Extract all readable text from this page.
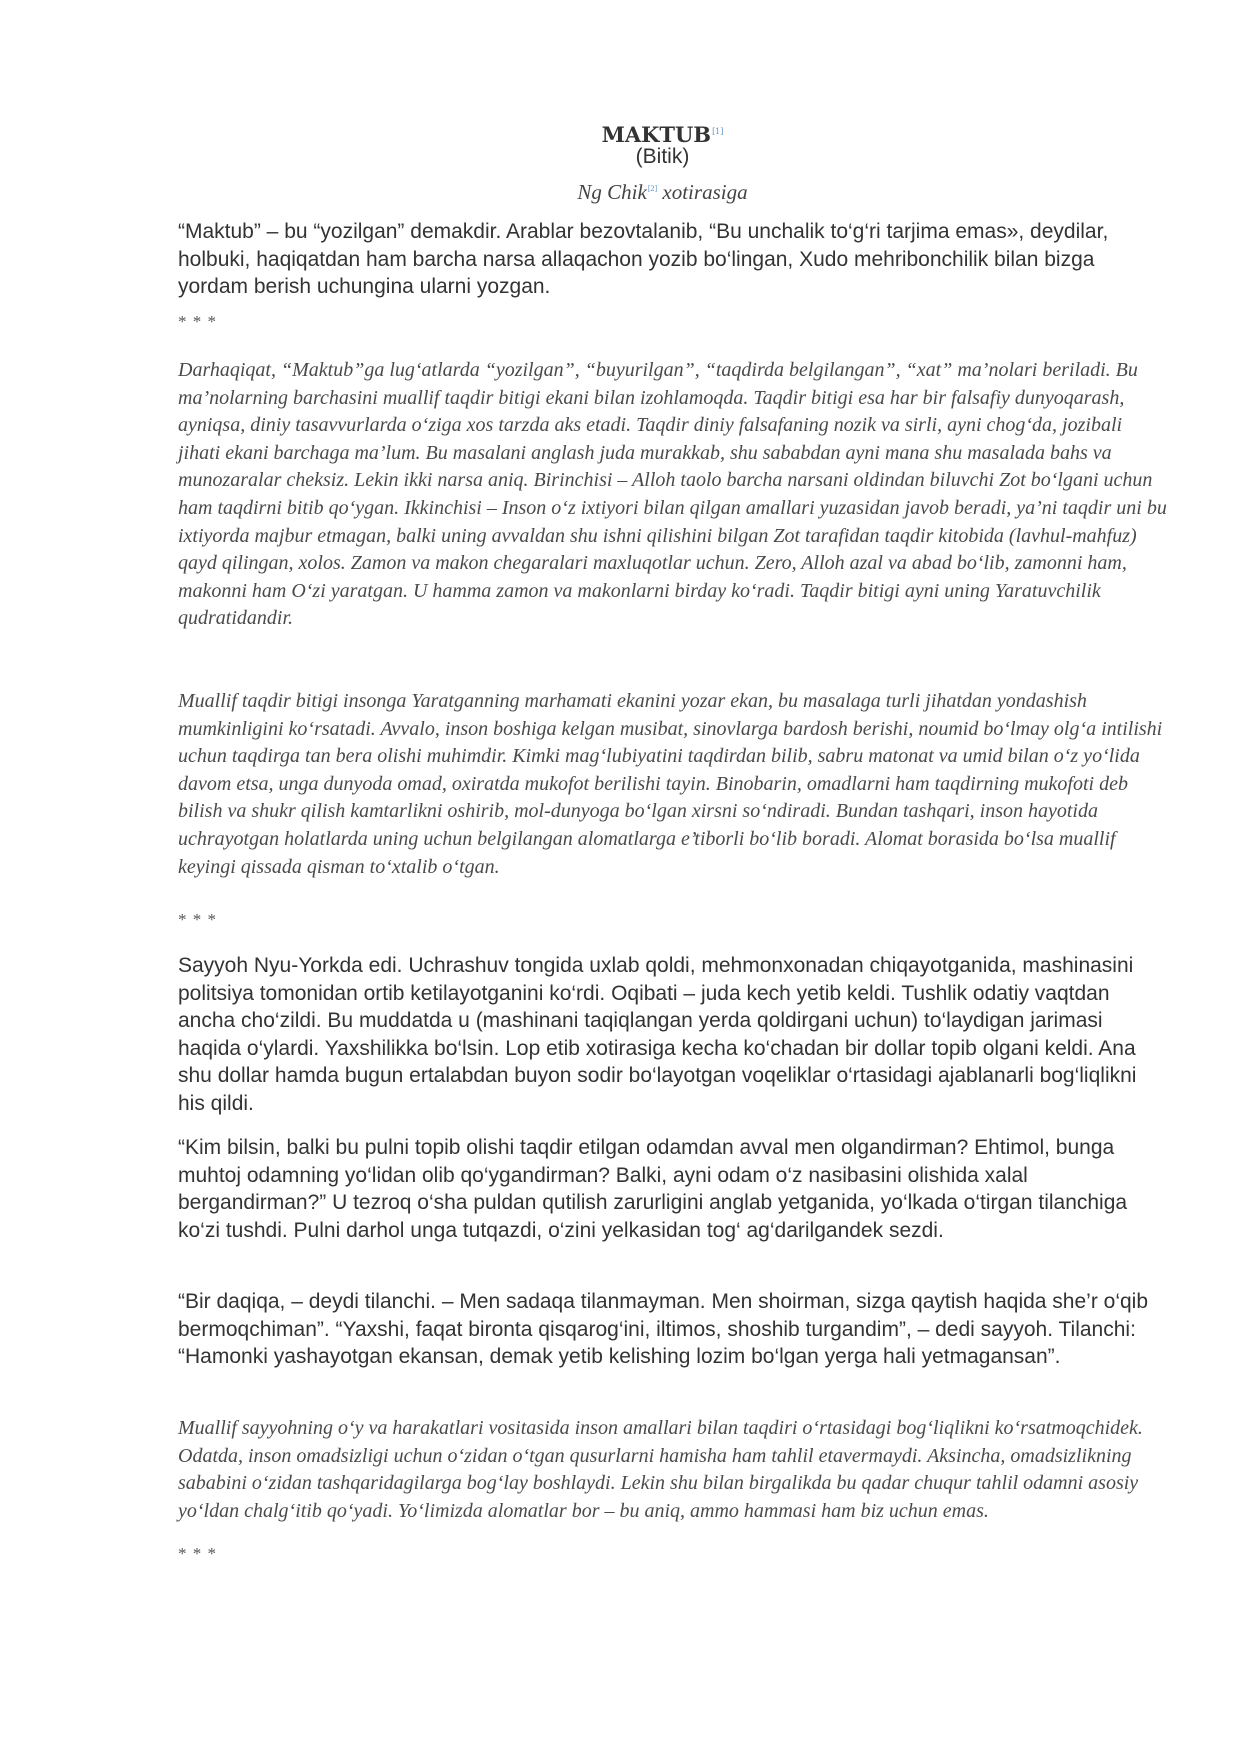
MAKTUB[1]
(Bitik)
Ng Chik[2] xotirasiga

“Maktub” – bu “yozilgan” demakdir. Arablar bezovtalanib, “Bu unchalik to‘g‘ri tarjima emas», deydilar, holbuki, haqiqatdan ham barcha narsa allaqachon yozib bo‘lingan, Xudo mehribonchilik bilan bizga yordam berish uchungina ularni yozgan.

* * *

Darhaqiqat, “Maktub”ga lug‘atlarda “yozilgan”, “buyurilgan”, “taqdirda belgilangan”, “xat” ma’nolari beriladi. Bu ma’nolarning barchasini muallif taqdir bitigi ekani bilan izohlamoqda. Taqdir bitigi esa har bir falsafiy dunyoqarash, ayniqsa, diniy tasavvurlarda o‘ziga xos tarzda aks etadi. Taqdir diniy falsafaning nozik va sirli, ayni chog‘da, jozibali jihati ekani barchaga ma’lum. Bu masalani anglash juda murakkab, shu sababdan ayni mana shu masalada bahs va munozaralar cheksiz. Lekin ikki narsa aniq. Birinchisi – Alloh taolo barcha narsani oldindan biluvchi Zot bo‘lgani uchun ham taqdirni bitib qo‘ygan. Ikkinchisi – Inson o‘z ixtiyori bilan qilgan amallari yuzasidan javob beradi, ya’ni taqdir uni bu ixtiyorda majbur etmagan, balki uning avvaldan shu ishni qilishini bilgan Zot tarafidan taqdir kitobida (lavhul-mahfuz) qayd qilingan, xolos. Zamon va makon chegaralari maxluqotlar uchun. Zero, Alloh azal va abad bo‘lib, zamonni ham, makonni ham O‘zi yaratgan. U hamma zamon va makonlarni birday ko‘radi. Taqdir bitigi ayni uning Yaratuvchilik qudratidandir.

Muallif taqdir bitigi insonga Yaratganning marhamati ekanini yozar ekan, bu masalaga turli jihatdan yondashish mumkinligini ko‘rsatadi. Avvalo, inson boshiga kelgan musibat, sinovlarga bardosh berishi, noumid bo‘lmay olg‘a intilishi uchun taqdirga tan bera olishi muhimdir. Kimki mag‘lubiyatini taqdirdan bilib, sabru matonat va umid bilan o‘z yo‘lida davom etsa, unga dunyoda omad, oxiratda mukofot berilishi tayin. Binobarin, omadlarni ham taqdirning mukofoti deb bilish va shukr qilish kamtarlikni oshirib, mol-dunyoga bo‘lgan xirsni so‘ndiradi. Bundan tashqari, inson hayotida uchrayotgan holatlarda uning uchun belgilangan alomatlarga e’tiborli bo‘lib boradi. Alomat borasida bo‘lsa muallif keyingi qissada qisman to‘xtalib o‘tgan.

* * *

Sayyoh Nyu-Yorkda edi. Uchrashuv tongida uxlab qoldi, mehmonxonadan chiqayotganida, mashinasini politsiya tomonidan ortib ketilayotganini ko‘rdi. Oqibati – juda kech yetib keldi. Tushlik odatiy vaqtdan ancha cho‘zildi. Bu muddatda u (mashinani taqiqlangan yerda qoldirgani uchun) to‘laydigan jarimasi haqida o‘ylardi. Yaxshilikka bo‘lsin. Lop etib xotirasiga kecha ko‘chadan bir dollar topib olgani keldi. Ana shu dollar hamda bugun ertalabdan buyon sodir bo‘layotgan voqeliklar o‘rtasidagi ajablanarli bog‘liqlikni his qildi.

“Kim bilsin, balki bu pulni topib olishi taqdir etilgan odamdan avval men olgandirman? Ehtimol, bunga muhtoj odamning yo‘lidan olib qo‘ygandirman? Balki, ayni odam o‘z nasibasini olishida xalal bergandirman?” U tezroq o‘sha puldan qutilish zarurligini anglab yetganida, yo‘lkada o‘tirgan tilanchiga ko‘zi tushdi. Pulni darhol unga tutqazdi, o‘zini yelkasidan tog‘ ag‘darilgandek sezdi.

“Bir daqiqa, – deydi tilanchi. – Men sadaqa tilanmayman. Men shoirman, sizga qaytish haqida she’r o‘qib bermoqchiman”. “Yaxshi, faqat bironta qisqarog‘ini, iltimos, shoshib turgandim”, – dedi sayyoh. Tilanchi: “Hamonki yashayotgan ekansan, demak yetib kelishing lozim bo‘lgan yerga hali yetmagansan”.

Muallif sayyohning o‘y va harakatlari vositasida inson amallari bilan taqdiri o‘rtasidagi bog‘liqlikni ko‘rsatmoqchidek. Odatda, inson omadsizligi uchun o‘zidan o‘tgan qusurlarni hamisha ham tahlil etavermaydi. Aksincha, omadsizlikning sababini o‘zidan tashqaridagilarga bog‘lay boshlaydi. Lekin shu bilan birgalikda bu qadar chuqur tahlil odamni asosiy yo‘ldan chalg‘itib qo‘yadi. Yo‘limizda alomatlar bor – bu aniq, ammo hammasi ham biz uchun emas.

* * *
